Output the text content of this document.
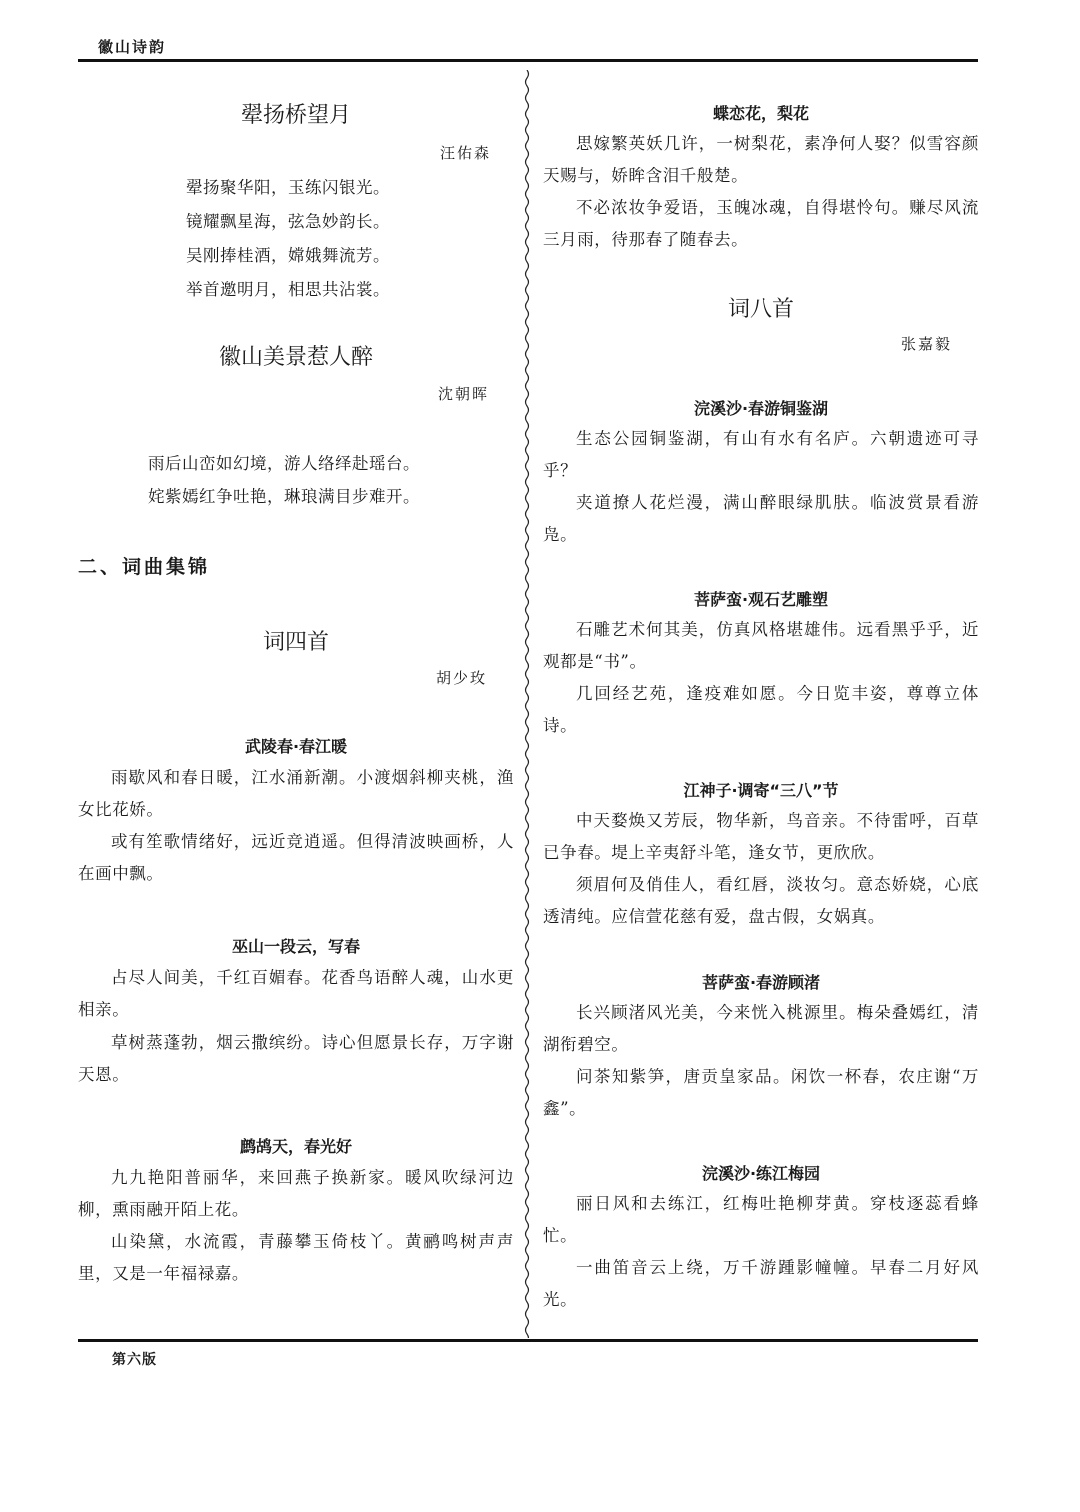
徽山诗韵
翚扬桥望月
汪佑森
翚扬聚华阳，玉练闪银光。
镜耀飘星海，弦急妙韵长。
吴刚捧桂酒，嫦娥舞流芳。
举首邀明月，相思共沾裳。
徽山美景惹人醉
沈朝晖
雨后山峦如幻境，游人络绎赴瑶台。
姹紫嫣红争吐艳，琳琅满目步难开。
二、词曲集锦
词四首
胡少玫
武陵春·春江暖

雨歇风和春日暖，江水涌新潮。小渡烟斜柳夹桃，渔女比花娇。

或有笙歌情绪好，远近竞逍遥。但得清波映画桥，人在画中飘。

巫山一段云，写春

占尽人间美，千红百媚春。花香鸟语醉人魂，山水更相亲。

草树蒸蓬勃，烟云撒缤纷。诗心但愿景长存，万字谢天恩。

鹧鸪天，春光好

九九艳阳普丽华，来回燕子换新家。暖风吹绿河边柳，熏雨融开陌上花。

山染黛，水流霞，青藤攀玉倚枝丫。黄鹂鸣树声声里，又是一年福禄嘉。

蝶恋花，梨花

思嫁繁英妖几许，一树梨花，素净何人娶？似雪容颜天赐与，娇眸含泪千般楚。

不必浓妆争爱语，玉魄冰魂，自得堪怜句。赚尽风流三月雨，待那春了随春去。

词八首
张嘉毅
浣溪沙·春游铜鉴湖

生态公园铜鉴湖，有山有水有名庐。六朝遗迹可寻乎？

夹道撩人花烂漫，满山醉眼绿肌肤。临波赏景看游凫。

菩萨蛮·观石艺雕塑

石雕艺术何其美，仿真风格堪雄伟。远看黑乎乎，近观都是“书”。

几回经艺苑，逢疫难如愿。今日览丰姿，尊尊立体诗。

江神子·调寄“三八”节

中天婺焕又芳辰，物华新，鸟音亲。不待雷呼，百草已争春。堤上辛夷舒斗笔，逢女节，更欣欣。

须眉何及俏佳人，看红唇，淡妆匀。意态娇娆，心底透清纯。应信萱花慈有爱，盘古假，女娲真。

菩萨蛮·春游顾渚

长兴顾渚风光美，今来恍入桃源里。梅朵叠嫣红，清湖衔碧空。

问茶知紫笋，唐贡皇家品。闲饮一杯春，农庄谢“万鑫”。

浣溪沙·练江梅园

丽日风和去练江，红梅吐艳柳芽黄。穿枝逐蕊看蜂忙。

一曲笛音云上绕，万千游踵影幢幢。早春二月好风光。

第六版
